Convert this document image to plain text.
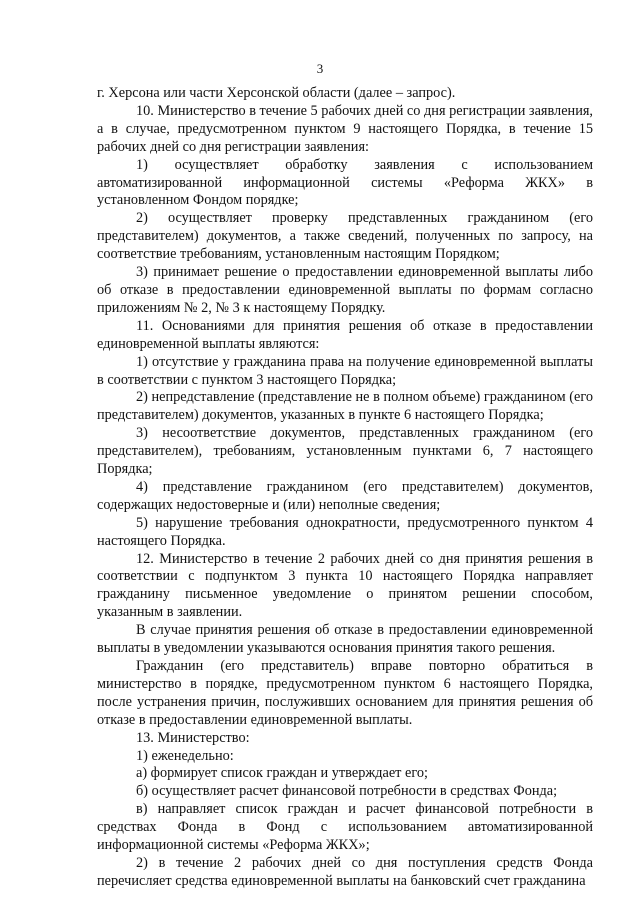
3

г. Херсона или части Херсонской области (далее – запрос).

10. Министерство в течение 5 рабочих дней со дня регистрации заявления, а в случае, предусмотренном пунктом 9 настоящего Порядка, в течение 15 рабочих дней со дня регистрации заявления:

1) осуществляет обработку заявления с использованием автоматизированной информационной системы «Реформа ЖКХ» в установленном Фондом порядке;

2) осуществляет проверку представленных гражданином (его представителем) документов, а также сведений, полученных по запросу, на соответствие требованиям, установленным настоящим Порядком;

3) принимает решение о предоставлении единовременной выплаты либо об отказе в предоставлении единовременной выплаты по формам согласно приложениям № 2, № 3 к настоящему Порядку.

11. Основаниями для принятия решения об отказе в предоставлении единовременной выплаты являются:

1) отсутствие у гражданина права на получение единовременной выплаты в соответствии с пунктом 3 настоящего Порядка;

2) непредставление (представление не в полном объеме) гражданином (его представителем) документов, указанных в пункте 6 настоящего Порядка;

3) несоответствие документов, представленных гражданином (его представителем), требованиям, установленным пунктами 6, 7 настоящего Порядка;

4) представление гражданином (его представителем) документов, содержащих недостоверные и (или) неполные сведения;

5) нарушение требования однократности, предусмотренного пунктом 4 настоящего Порядка.

12. Министерство в течение 2 рабочих дней со дня принятия решения в соответствии с подпунктом 3 пункта 10 настоящего Порядка направляет гражданину письменное уведомление о принятом решении способом, указанным в заявлении.

В случае принятия решения об отказе в предоставлении единовременной выплаты в уведомлении указываются основания принятия такого решения.

Гражданин (его представитель) вправе повторно обратиться в министерство в порядке, предусмотренном пунктом 6 настоящего Порядка, после устранения причин, послуживших основанием для принятия решения об отказе в предоставлении единовременной выплаты.

13. Министерство:

1) еженедельно:

а) формирует список граждан и утверждает его;

б) осуществляет расчет финансовой потребности в средствах Фонда;

в) направляет список граждан и расчет финансовой потребности в средствах Фонда в Фонд с использованием автоматизированной информационной системы «Реформа ЖКХ»;

2) в течение 2 рабочих дней со дня поступления средств Фонда перечисляет средства единовременной выплаты на банковский счет гражданина
